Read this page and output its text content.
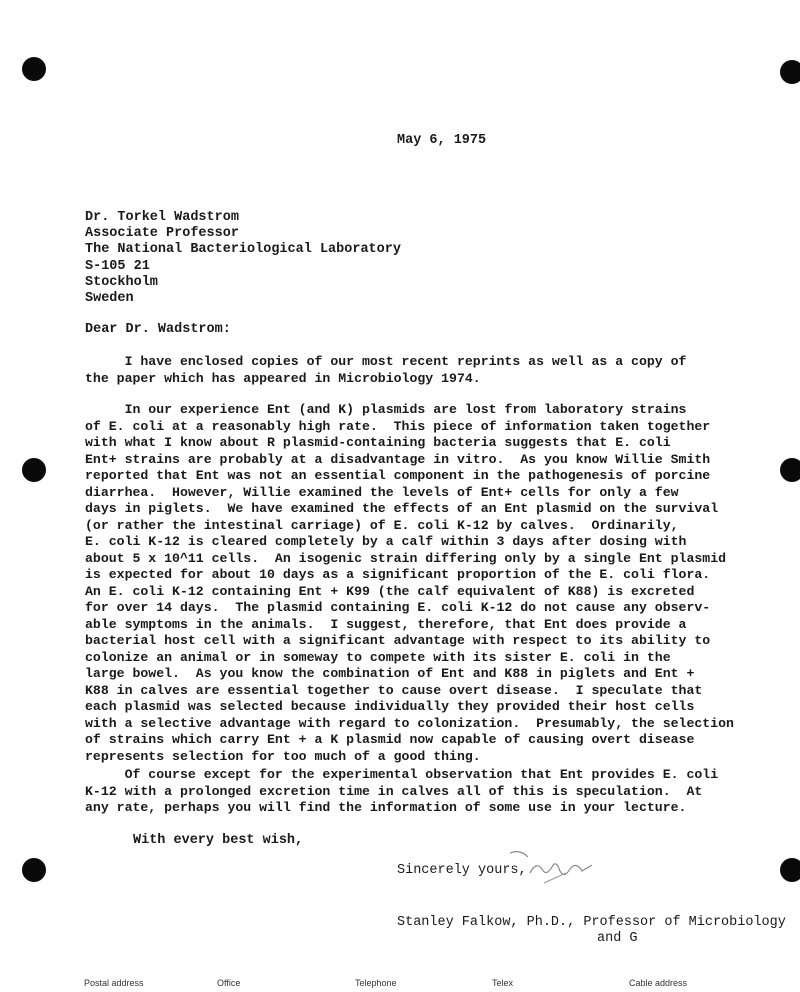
May 6, 1975
Dr. Torkel Wadstrom
Associate Professor
The National Bacteriological Laboratory
S-105 21
Stockholm
Sweden
Dear Dr. Wadstrom:
I have enclosed copies of our most recent reprints as well as a copy of
the paper which has appeared in Microbiology 1974.
In our experience Ent (and K) plasmids are lost from laboratory strains
of E. coli at a reasonably high rate.  This piece of information taken together
with what I know about R plasmid-containing bacteria suggests that E. coli
Ent+ strains are probably at a disadvantage in vitro.  As you know Willie Smith
reported that Ent was not an essential component in the pathogenesis of porcine
diarrhea.  However, Willie examined the levels of Ent+ cells for only a few
days in piglets.  We have examined the effects of an Ent plasmid on the survival
(or rather the intestinal carriage) of E. coli K-12 by calves.  Ordinarily,
E. coli K-12 is cleared completely by a calf within 3 days after dosing with
about 5 x 10^11 cells.  An isogenic strain differing only by a single Ent plasmid
is expected for about 10 days as a significant proportion of the E. coli flora.
An E. coli K-12 containing Ent + K99 (the calf equivalent of K88) is excreted
for over 14 days.  The plasmid containing E. coli K-12 do not cause any observ-
able symptoms in the animals.  I suggest, therefore, that Ent does provide a
bacterial host cell with a significant advantage with respect to its ability to
colonize an animal or in someway to compete with its sister E. coli in the
large bowel.  As you know the combination of Ent and K88 in piglets and Ent +
K88 in calves are essential together to cause overt disease.  I speculate that
each plasmid was selected because individually they provided their host cells
with a selective advantage with regard to colonization.  Presumably, the selection
of strains which carry Ent + a K plasmid now capable of causing overt disease
represents selection for too much of a good thing.
Of course except for the experimental observation that Ent provides E. coli
K-12 with a prolonged excretion time in calves all of this is speculation.  At
any rate, perhaps you will find the information of some use in your lecture.
With every best wish,
Sincerely yours,
Stanley Falkow, Ph.D., Professor of Microbiology
and G
Postal address	Office	Telephone	Telex	Cable address
